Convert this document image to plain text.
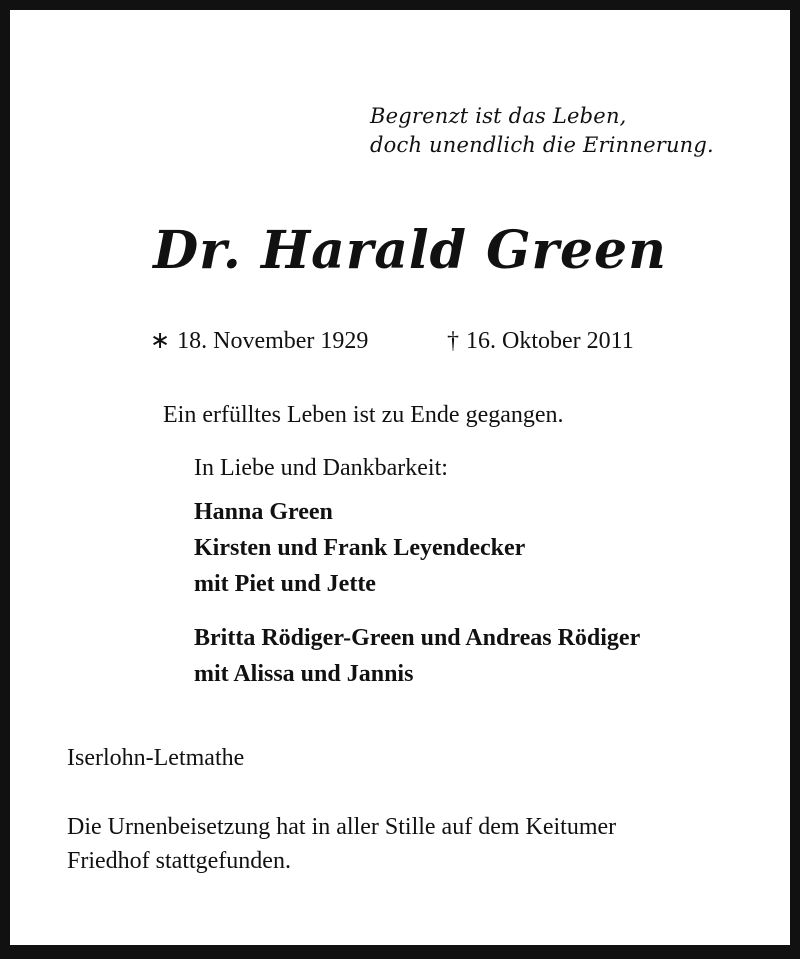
Begrenzt ist das Leben,
doch unendlich die Erinnerung.
Dr. Harald Green
∗ 18. November 1929	† 16. Oktober 2011
Ein erfülltes Leben ist zu Ende gegangen.
In Liebe und Dankbarkeit:
Hanna Green
Kirsten und Frank Leyendecker
mit Piet und Jette
Britta Rödiger-Green und Andreas Rödiger
mit Alissa und Jannis
Iserlohn-Letmathe
Die Urnenbeisetzung hat in aller Stille auf dem Keitumer
Friedhof stattgefunden.
